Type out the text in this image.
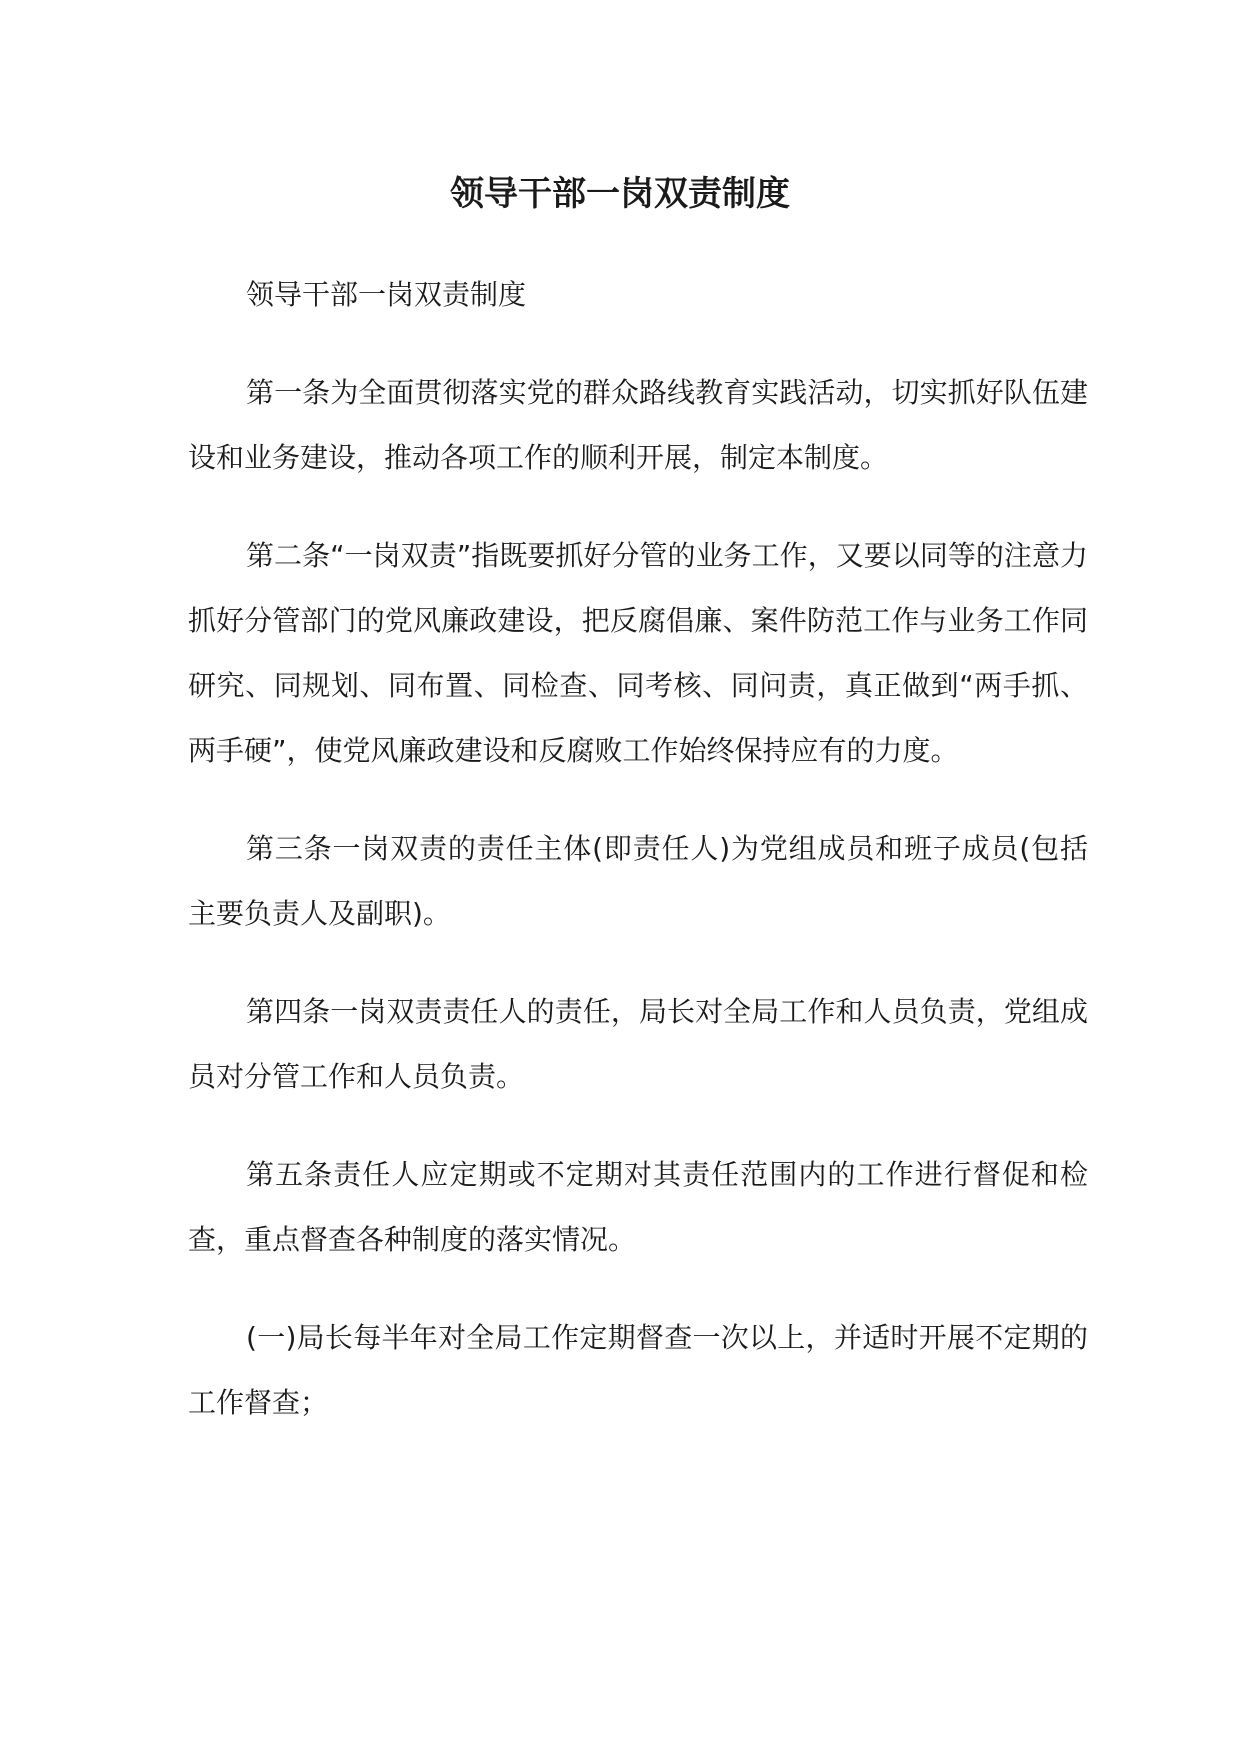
领导干部一岗双责制度

领导干部一岗双责制度

第一条为全面贯彻落实党的群众路线教育实践活动，切实抓好队伍建设和业务建设，推动各项工作的顺利开展，制定本制度。

第二条“一岗双责”指既要抓好分管的业务工作，又要以同等的注意力抓好分管部门的党风廉政建设，把反腐倡廉、案件防范工作与业务工作同研究、同规划、同布置、同检查、同考核、同问责，真正做到“两手抓、两手硬”，使党风廉政建设和反腐败工作始终保持应有的力度。

第三条一岗双责的责任主体(即责任人)为党组成员和班子成员(包括主要负责人及副职)。

第四条一岗双责责任人的责任，局长对全局工作和人员负责，党组成员对分管工作和人员负责。

第五条责任人应定期或不定期对其责任范围内的工作进行督促和检查，重点督查各种制度的落实情况。

(一)局长每半年对全局工作定期督查一次以上，并适时开展不定期的工作督查；
